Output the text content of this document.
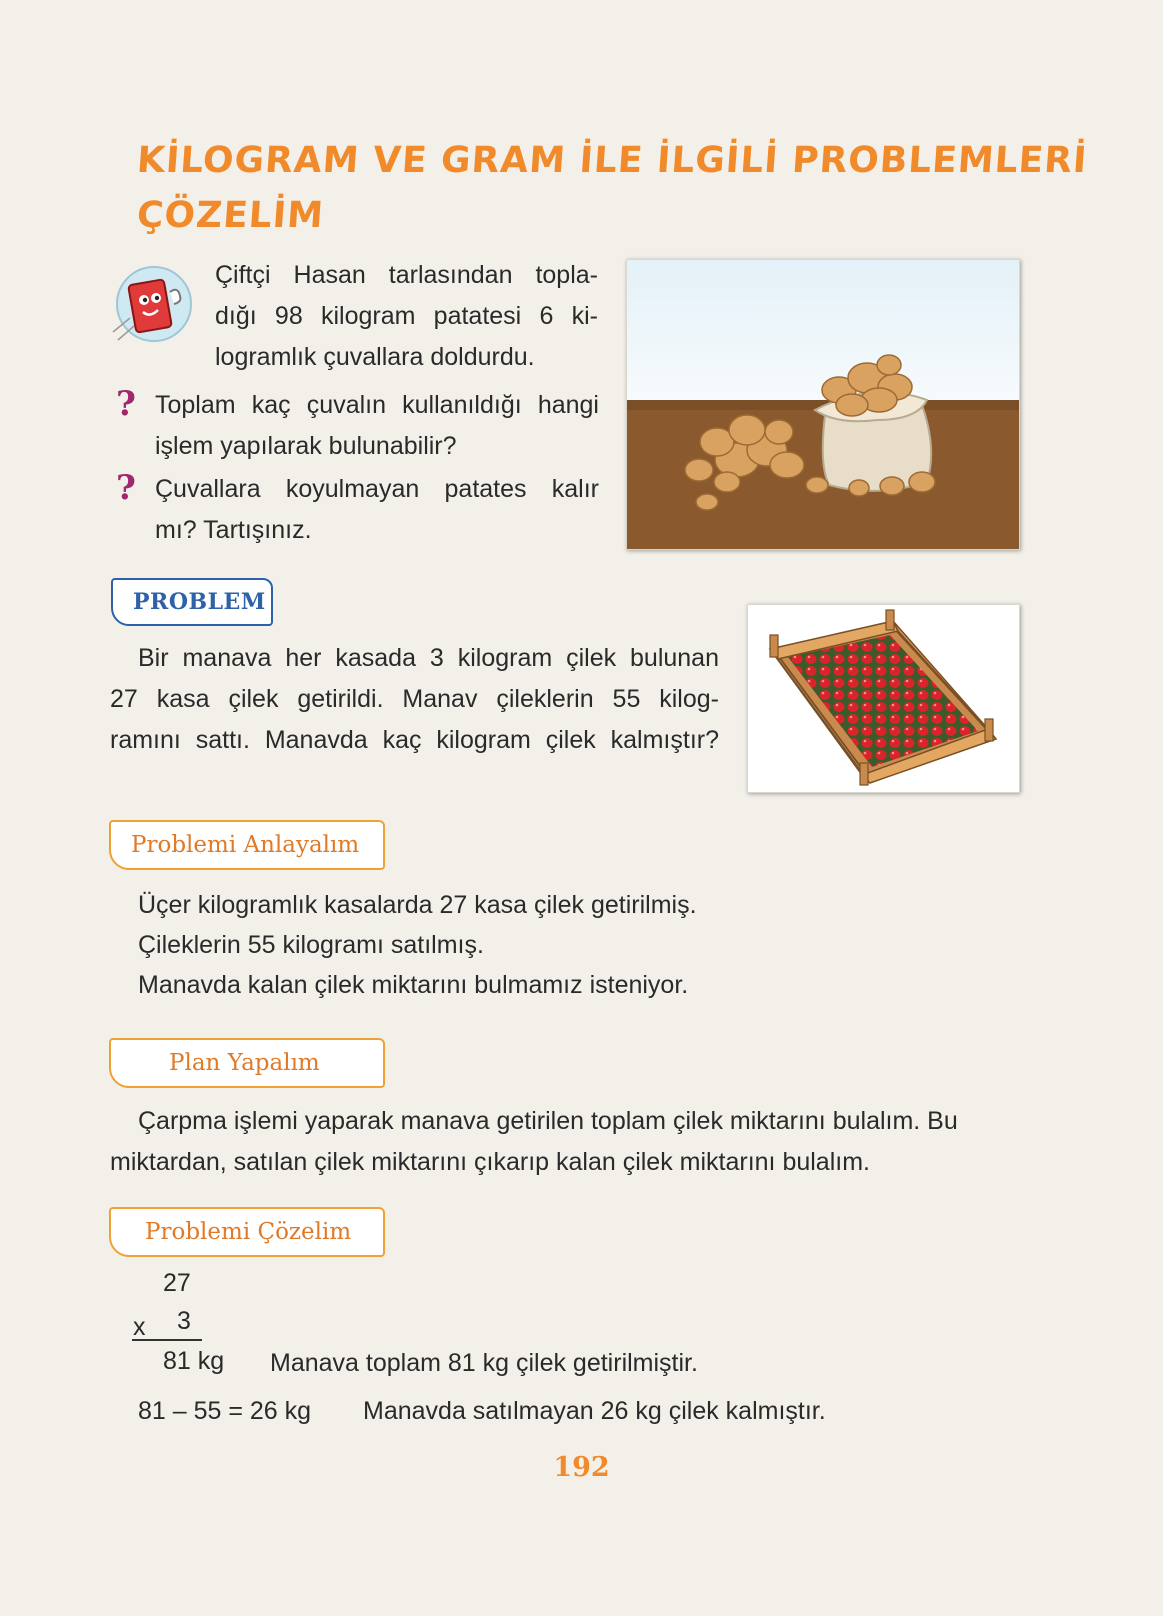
KİLOGRAM VE GRAM İLE İLGİLİ PROBLEMLERİ
ÇÖZELİM
Çiftçi Hasan tarlasından topla-
dığı 98 kilogram patatesi 6 ki-
logramlık çuvallara doldurdu.
? Toplam kaç çuvalın kullanıldığı hangi
işlem yapılarak bulunabilir?
? Çuvallara koyulmayan patates kalır
mı? Tartışınız.
PROBLEM
Bir manava her kasada 3 kilogram çilek bulunan
27 kasa çilek getirildi. Manav çileklerin 55 kilog-
ramını sattı. Manavda kaç kilogram çilek kalmıştır?
Problemi Anlayalım
Üçer kilogramlık kasalarda 27 kasa çilek getirilmiş.
Çileklerin 55 kilogramı satılmış.
Manavda kalan çilek miktarını bulmamız isteniyor.
Plan Yapalım
Çarpma işlemi yaparak manava getirilen toplam çilek miktarını bulalım. Bu
miktardan, satılan çilek miktarını çıkarıp kalan çilek miktarını bulalım.
Problemi Çözelim
27
x 3
81 kg Manava toplam 81 kg çilek getirilmiştir.
81 – 55 = 26 kg Manavda satılmayan 26 kg çilek kalmıştır.
192
